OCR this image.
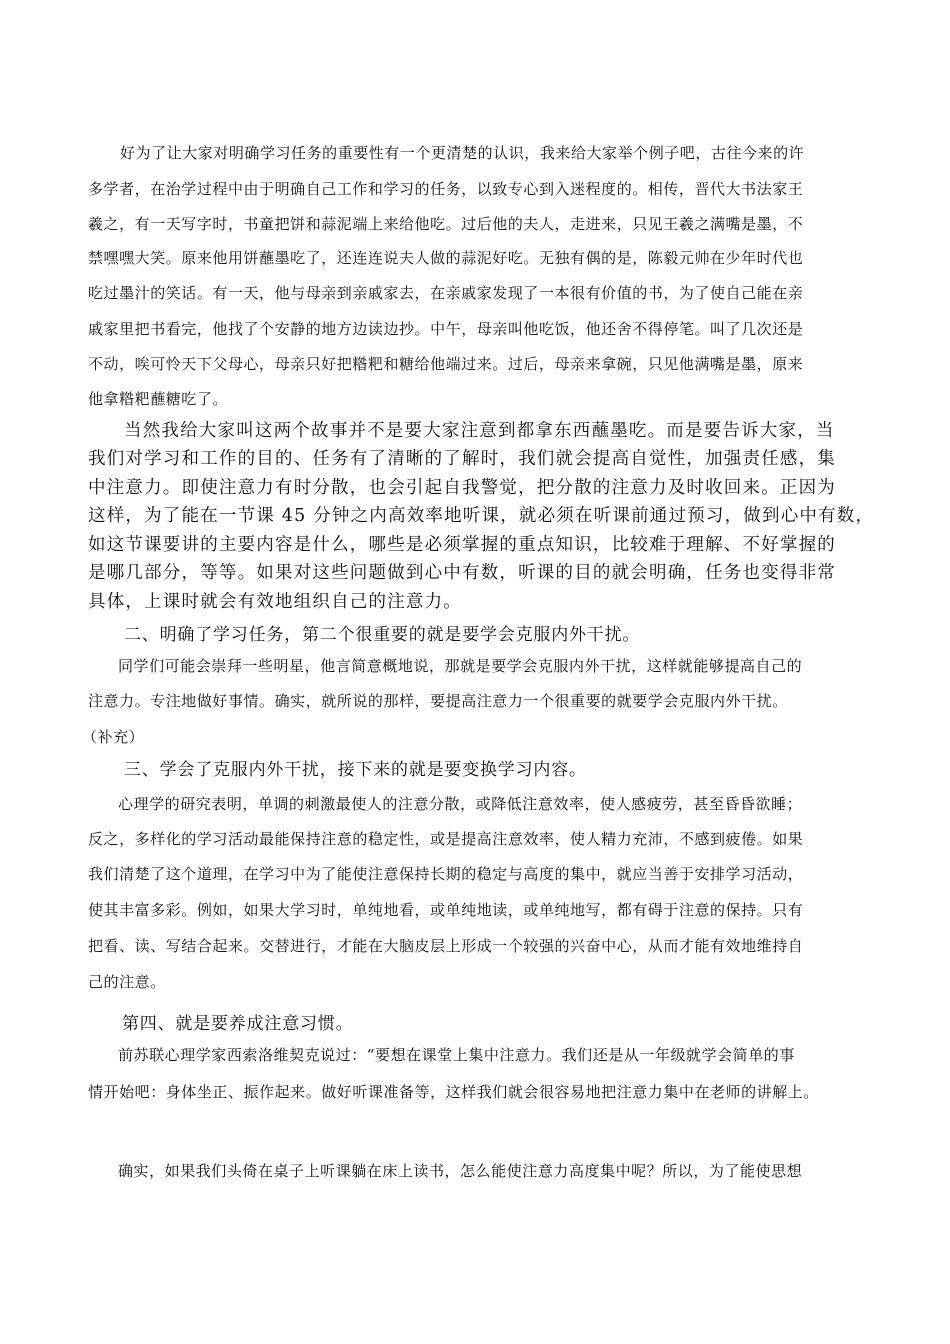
好为了让大家对明确学习任务的重要性有一个更清楚的认识，我来给大家举个例子吧，古往今来的许
多学者，在治学过程中由于明确自己工作和学习的任务，以致专心到入迷程度的。相传，晋代大书法家王
羲之，有一天写字时，书童把饼和蒜泥端上来给他吃。过后他的夫人，走进来，只见王羲之满嘴是墨，不
禁嘿嘿大笑。原来他用饼蘸墨吃了，还连连说夫人做的蒜泥好吃。无独有偶的是，陈毅元帅在少年时代也
吃过墨汁的笑话。有一天，他与母亲到亲戚家去，在亲戚家发现了一本很有价值的书，为了使自己能在亲
戚家里把书看完，他找了个安静的地方边读边抄。中午，母亲叫他吃饭，他还舍不得停笔。叫了几次还是
不动，唉可怜天下父母心，母亲只好把糌粑和糖给他端过来。过后，母亲来拿碗，只见他满嘴是墨，原来
他拿糌粑蘸糖吃了。
当然我给大家叫这两个故事并不是要大家注意到都拿东西蘸墨吃。而是要告诉大家，当
我们对学习和工作的目的、任务有了清晰的了解时，我们就会提高自觉性，加强责任感，集
中注意力。即使注意力有时分散，也会引起自我警觉，把分散的注意力及时收回来。正因为
这样，为了能在一节课 45 分钟之内高效率地听课，就必须在听课前通过预习，做到心中有数，
如这节课要讲的主要内容是什么，哪些是必须掌握的重点知识，比较难于理解、不好掌握的
是哪几部分，等等。如果对这些问题做到心中有数，听课的目的就会明确，任务也变得非常
具体，上课时就会有效地组织自己的注意力。
二、明确了学习任务，第二个很重要的就是要学会克服内外干扰。
同学们可能会崇拜一些明星，他言简意概地说，那就是要学会克服内外干扰，这样就能够提高自己的
注意力。专注地做好事情。确实，就所说的那样，要提高注意力一个很重要的就要学会克服内外干扰。
（补充）
三、学会了克服内外干扰，接下来的就是要变换学习内容。
心理学的研究表明，单调的刺激最使人的注意分散，或降低注意效率，使人感疲劳，甚至昏昏欲睡；
反之，多样化的学习活动最能保持注意的稳定性，或是提高注意效率，使人精力充沛，不感到疲倦。如果
我们清楚了这个道理，在学习中为了能使注意保持长期的稳定与高度的集中，就应当善于安排学习活动，
使其丰富多彩。例如，如果大学习时，单纯地看，或单纯地读，或单纯地写，都有碍于注意的保持。只有
把看、读、写结合起来。交替进行，才能在大脑皮层上形成一个较强的兴奋中心，从而才能有效地维持自
己的注意。
第四、就是要养成注意习惯。
前苏联心理学家西索洛维契克说过：“要想在课堂上集中注意力。我们还是从一年级就学会简单的事
情开始吧：身体坐正、振作起来。做好听课准备等，这样我们就会很容易地把注意力集中在老师的讲解上。
确实，如果我们头倚在桌子上听课躺在床上读书，怎么能使注意力高度集中呢？所以，为了能使思想
